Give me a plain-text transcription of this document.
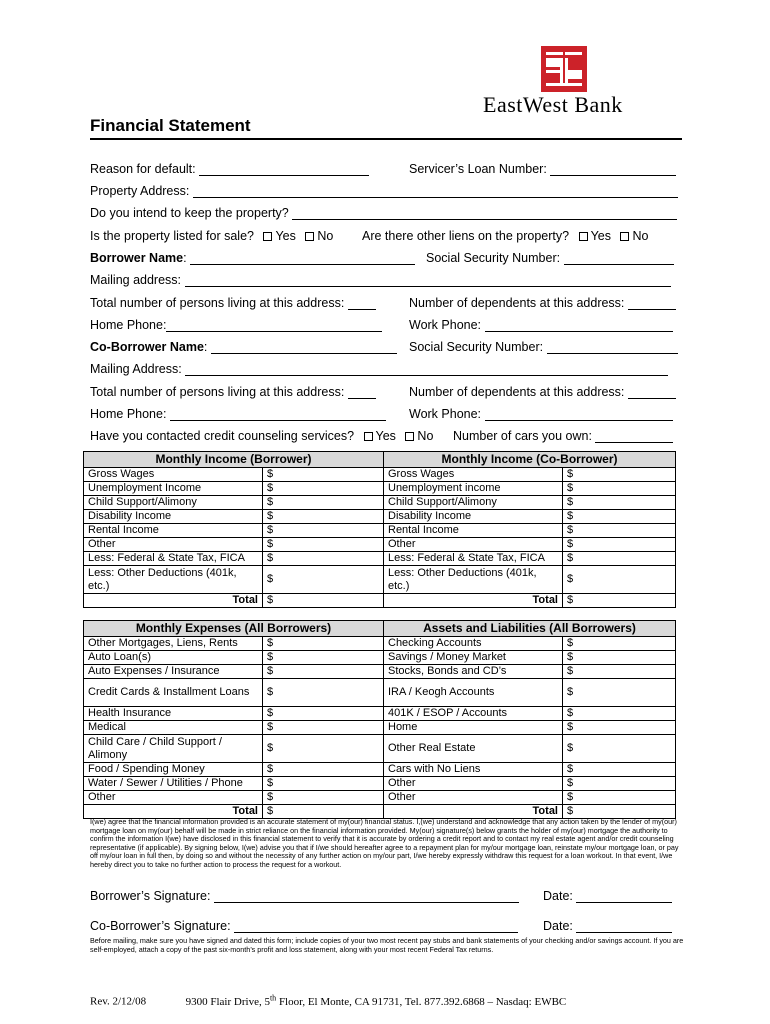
EastWest Bank
Financial Statement
Reason for default:	Servicer’s Loan Number:
Property Address:
Do you intend to keep the property?
Is the property listed for sale? Yes No Are there other liens on the property? Yes No
Borrower Name:	Social Security Number:
Mailing address:
Total number of persons living at this address:	Number of dependents at this address:
Home Phone:	Work Phone:
Co-Borrower Name:	Social Security Number:
Mailing Address:
Total number of persons living at this address:	Number of dependents at this address:
Home Phone:	Work Phone:
Have you contacted credit counseling services? Yes No Number of cars you own:
Monthly Income (Borrower)		Monthly Income (Co-Borrower)	
Gross Wages	$	Gross Wages	$
Unemployment Income	$	Unemployment income	$
Child Support/Alimony	$	Child Support/Alimony	$
Disability Income	$	Disability Income	$
Rental Income	$	Rental Income	$
Other	$	Other	$
Less: Federal & State Tax, FICA	$	Less: Federal & State Tax, FICA	$
Less: Other Deductions (401k, etc.)	$	Less: Other Deductions (401k, etc.)	$
Total	$	Total	$
Monthly Expenses (All Borrowers)		Assets and Liabilities (All Borrowers)	
Other Mortgages, Liens, Rents	$	Checking Accounts	$
Auto Loan(s)	$	Savings / Money Market	$
Auto Expenses / Insurance	$	Stocks, Bonds and CD’s	$
Credit Cards & Installment Loans	$	IRA / Keogh Accounts	$
Health Insurance	$	401K / ESOP / Accounts	$
Medical	$	Home	$
Child Care / Child Support / Alimony	$	Other Real Estate	$
Food / Spending Money	$	Cars with No Liens	$
Water / Sewer / Utilities / Phone	$	Other	$
Other	$	Other	$
Total	$	Total	$
I(we) agree that the financial information provided is an accurate statement of my(our) financial status. I,(we) understand and acknowledge that any action taken by the lender of my(our) mortgage loan on my(our) behalf will be made in strict reliance on the financial information provided. My(our) signature(s) below grants the holder of my(our) mortgage the authority to confirm the information I(we) have disclosed in this financial statement to verify that it is accurate by ordering a credit report and to contact my real estate agent and/or credit counseling representative (if applicable). By signing below, I(we) advise you that if I/we should hereafter agree to a repayment plan for my/our mortgage loan, reinstate my/our mortgage loan, or pay off my/our loan in full then, by doing so and without the necessity of any further action on my/our part, I/we hereby expressly withdraw this request for a loan workout. In that event, I/we hereby direct you to take no further action to process the request for a workout.
Borrower’s Signature:	Date:
Co-Borrower’s Signature:	Date:
Before mailing, make sure you have signed and dated this form; include copies of your two most recent pay stubs and bank statements of your checking and/or savings account. If you are self-employed, attach a copy of the past six-month’s profit and loss statement, along with your most recent Federal Tax returns.
Rev. 2/12/08	9300 Flair Drive, 5th Floor, El Monte, CA 91731, Tel. 877.392.6868 – Nasdaq: EWBC
